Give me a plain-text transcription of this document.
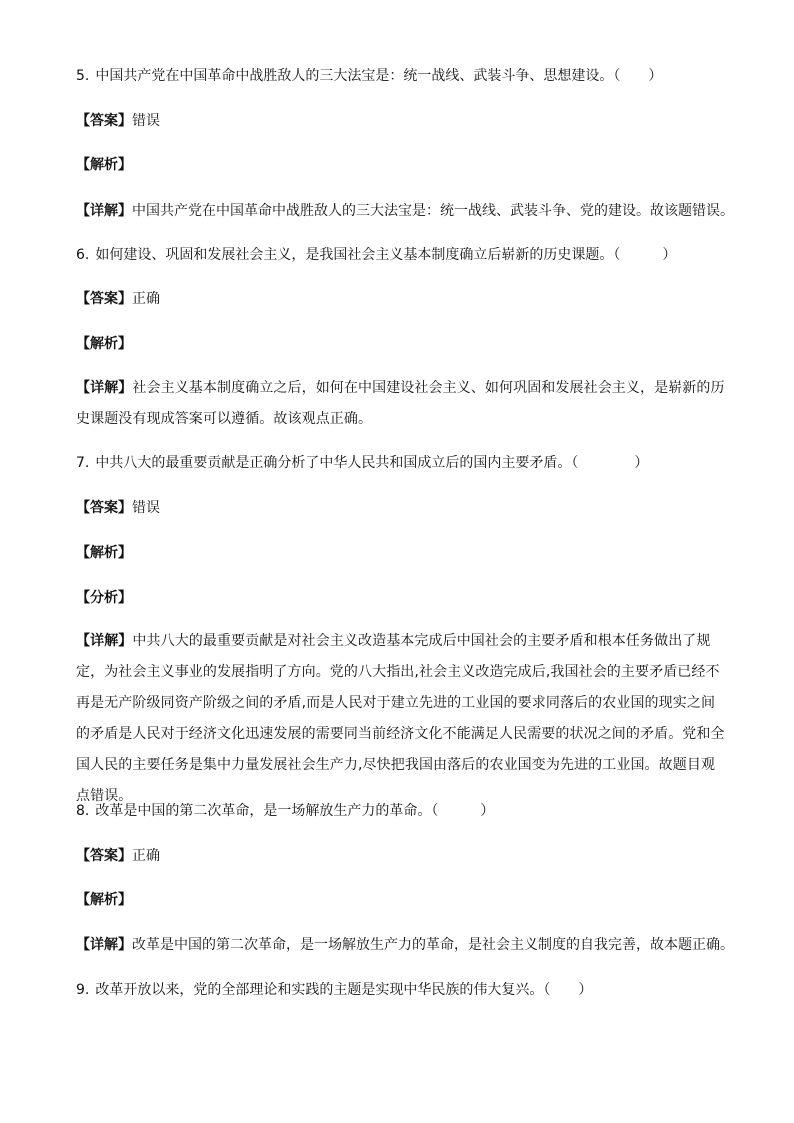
5. 中国共产党在中国革命中战胜敌人的三大法宝是：统一战线、武装斗争、思想建设。（　　）
【答案】错误
【解析】
【详解】中国共产党在中国革命中战胜敌人的三大法宝是：统一战线、武装斗争、党的建设。故该题错误。
6. 如何建设、巩固和发展社会主义，是我国社会主义基本制度确立后崭新的历史课题。（　　　）
【答案】正确
【解析】
【详解】社会主义基本制度确立之后，如何在中国建设社会主义、如何巩固和发展社会主义，是崭新的历史课题没有现成答案可以遵循。故该观点正确。
7. 中共八大的最重要贡献是正确分析了中华人民共和国成立后的国内主要矛盾。（　　　　）
【答案】错误
【解析】
【分析】
【详解】中共八大的最重要贡献是对社会主义改造基本完成后中国社会的主要矛盾和根本任务做出了规定，为社会主义事业的发展指明了方向。党的八大指出,社会主义改造完成后,我国社会的主要矛盾已经不再是无产阶级同资产阶级之间的矛盾,而是人民对于建立先进的工业国的要求同落后的农业国的现实之间的矛盾是人民对于经济文化迅速发展的需要同当前经济文化不能满足人民需要的状况之间的矛盾。党和全国人民的主要任务是集中力量发展社会生产力,尽快把我国由落后的农业国变为先进的工业国。故题目观点错误。
8. 改革是中国的第二次革命，是一场解放生产力的革命。（　　　）
【答案】正确
【解析】
【详解】改革是中国的第二次革命，是一场解放生产力的革命，是社会主义制度的自我完善，故本题正确。
9. 改革开放以来，党的全部理论和实践的主题是实现中华民族的伟大复兴。（　　）
